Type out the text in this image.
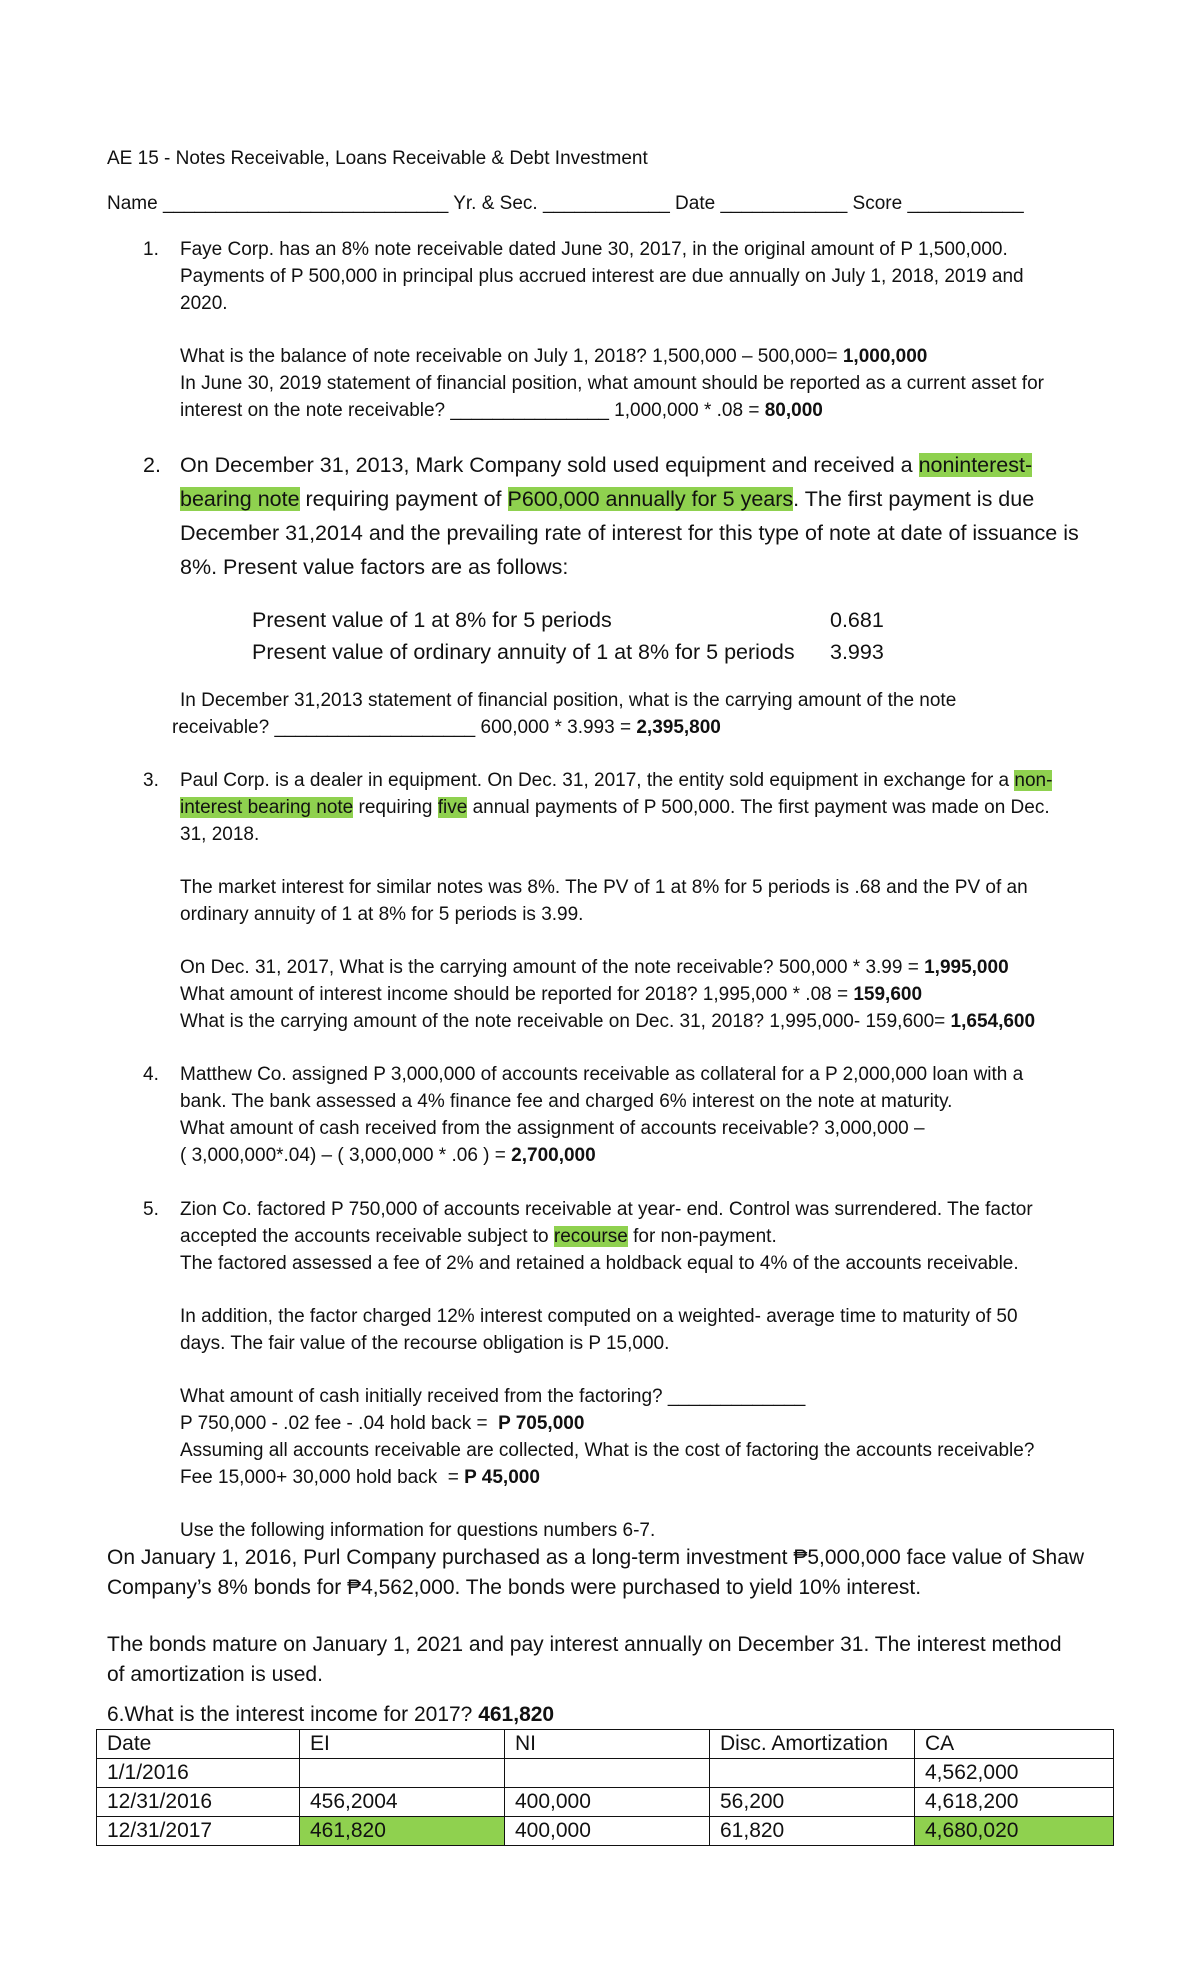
AE 15 - Notes Receivable, Loans Receivable & Debt Investment
Name ___________________________ Yr. & Sec. ____________ Date ____________ Score ___________
1. Faye Corp. has an 8% note receivable dated June 30, 2017, in the original amount of P 1,500,000.
Payments of P 500,000 in principal plus accrued interest are due annually on July 1, 2018, 2019 and
2020.
What is the balance of note receivable on July 1, 2018? 1,500,000 – 500,000= 1,000,000
In June 30, 2019 statement of financial position, what amount should be reported as a current asset for
interest on the note receivable? _______________ 1,000,000 * .08 = 80,000
2. On December 31, 2013, Mark Company sold used equipment and received a noninterest-
bearing note requiring payment of P600,000 annually for 5 years. The first payment is due
December 31,2014 and the prevailing rate of interest for this type of note at date of issuance is
8%. Present value factors are as follows:
Present value of 1 at 8% for 5 periods	0.681
Present value of ordinary annuity of 1 at 8% for 5 periods 3.993
In December 31,2013 statement of financial position, what is the carrying amount of the note
receivable? ___________________ 600,000 * 3.993 = 2,395,800
3. Paul Corp. is a dealer in equipment. On Dec. 31, 2017, the entity sold equipment in exchange for a non-
interest bearing note requiring five annual payments of P 500,000. The first payment was made on Dec.
31, 2018.
The market interest for similar notes was 8%. The PV of 1 at 8% for 5 periods is .68 and the PV of an
ordinary annuity of 1 at 8% for 5 periods is 3.99.
On Dec. 31, 2017, What is the carrying amount of the note receivable? 500,000 * 3.99 = 1,995,000
What amount of interest income should be reported for 2018? 1,995,000 * .08 = 159,600
What is the carrying amount of the note receivable on Dec. 31, 2018? 1,995,000- 159,600= 1,654,600
4. Matthew Co. assigned P 3,000,000 of accounts receivable as collateral for a P 2,000,000 loan with a
bank. The bank assessed a 4% finance fee and charged 6% interest on the note at maturity.
What amount of cash received from the assignment of accounts receivable? 3,000,000 –
( 3,000,000*.04) – ( 3,000,000 * .06 ) = 2,700,000
5. Zion Co. factored P 750,000 of accounts receivable at year- end. Control was surrendered. The factor
accepted the accounts receivable subject to recourse for non-payment.
The factored assessed a fee of 2% and retained a holdback equal to 4% of the accounts receivable.
In addition, the factor charged 12% interest computed on a weighted- average time to maturity of 50
days. The fair value of the recourse obligation is P 15,000.
What amount of cash initially received from the factoring? _____________
P 750,000 - .02 fee - .04 hold back =  P 705,000
Assuming all accounts receivable are collected, What is the cost of factoring the accounts receivable?
Fee 15,000+ 30,000 hold back  = P 45,000
Use the following information for questions numbers 6-7.
On January 1, 2016, Purl Company purchased as a long-term investment ₱5,000,000 face value of Shaw
Company’s 8% bonds for ₱4,562,000. The bonds were purchased to yield 10% interest.
The bonds mature on January 1, 2021 and pay interest annually on December 31. The interest method
of amortization is used.
6.What is the interest income for 2017? 461,820
Date	EI	NI	Disc. Amortization	CA
1/1/2016				4,562,000
12/31/2016	456,2004	400,000	56,200	4,618,200
12/31/2017	461,820	400,000	61,820	4,680,020
